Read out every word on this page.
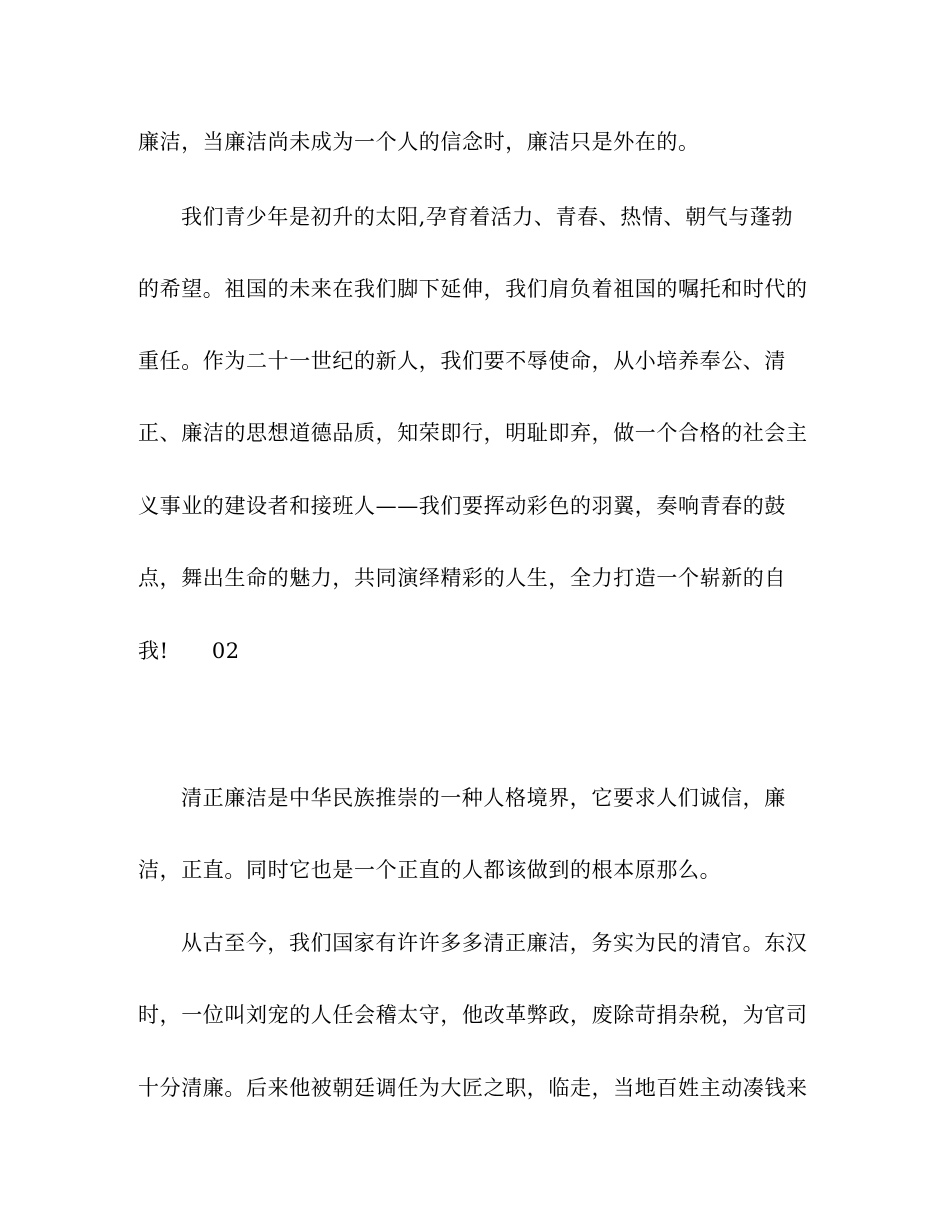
廉洁，当廉洁尚未成为一个人的信念时，廉洁只是外在的。
我们青少年是初升的太阳,孕育着活力、青春、热情、朝气与蓬勃
的希望。祖国的未来在我们脚下延伸，我们肩负着祖国的嘱托和时代的
重任。作为二十一世纪的新人，我们要不辱使命，从小培养奉公、清
正、廉洁的思想道德品质，知荣即行，明耻即弃，做一个合格的社会主
义事业的建设者和接班人——我们要挥动彩色的羽翼，奏响青春的鼓
点，舞出生命的魅力，共同演绎精彩的人生，全力打造一个崭新的自
我!　　02
清正廉洁是中华民族推崇的一种人格境界，它要求人们诚信，廉
洁，正直。同时它也是一个正直的人都该做到的根本原那么。
从古至今，我们国家有许许多多清正廉洁，务实为民的清官。东汉
时，一位叫刘宠的人任会稽太守，他改革弊政，废除苛捐杂税，为官司
十分清廉。后来他被朝廷调任为大匠之职，临走，当地百姓主动凑钱来
